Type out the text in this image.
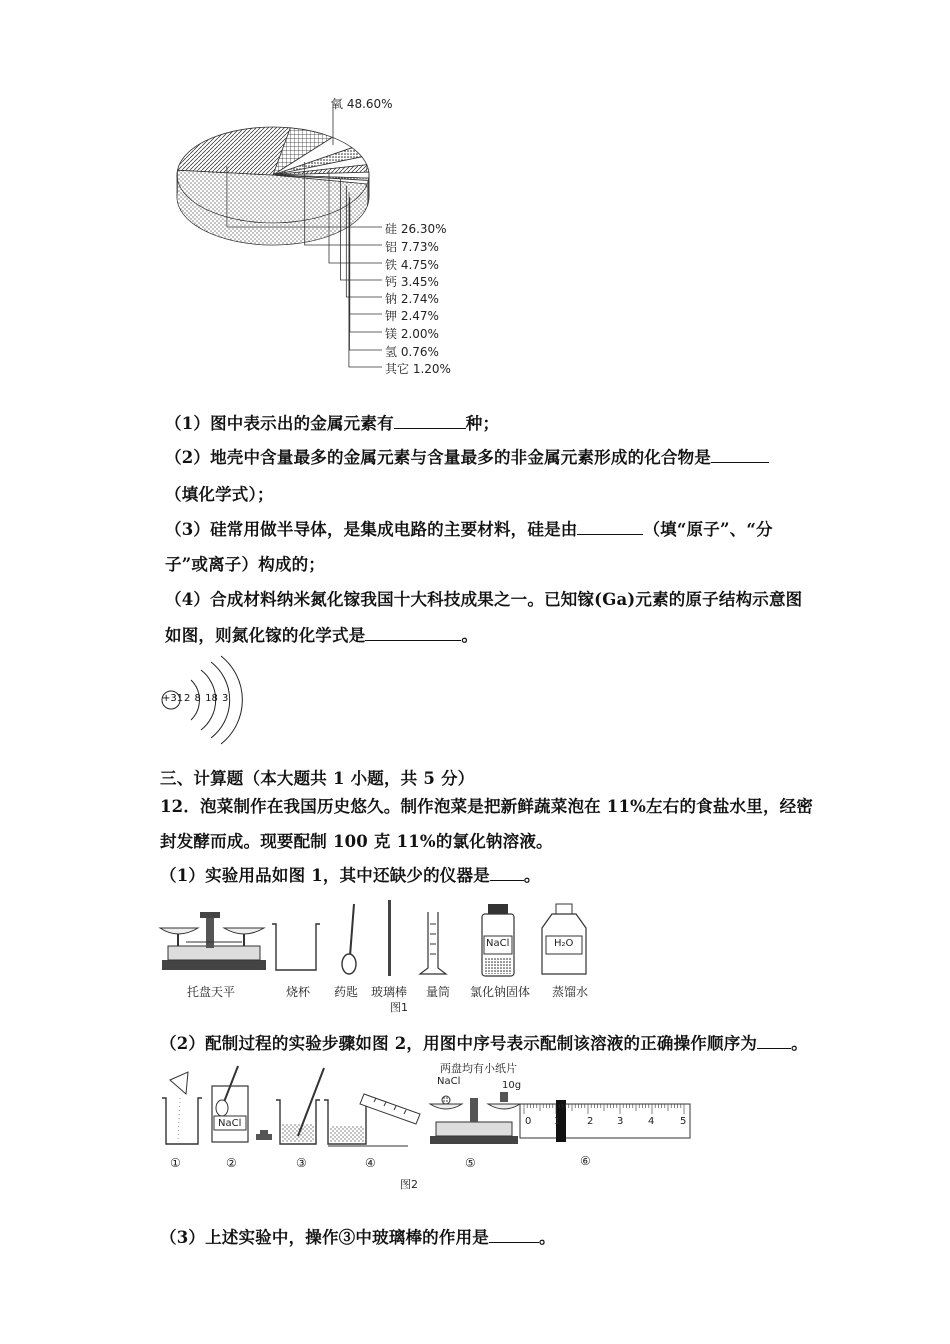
氧 48.60%
硅 26.30%
铝 7.73%
铁 4.75%
钙 3.45%
钠 2.74%
钾 2.47%
镁 2.00%
氢 0.76%
其它 1.20%
（1）图中表示出的金属元素有	种；
（2）地壳中含量最多的金属元素与含量最多的非金属元素形成的化合物是
（填化学式）；
（3）硅常用做半导体，是集成电路的主要材料，硅是由	（填“原子”、“分
子”或离子）构成的；
（4）合成材料纳米氮化镓我国十大科技成果之一。已知镓(Ga)元素的原子结构示意图
如图，则氮化镓的化学式是	。
+31 2 8 18 3
三、计算题（本大题共 1 小题，共 5 分）
12．泡菜制作在我国历史悠久。制作泡菜是把新鲜蔬菜泡在 11%左右的食盐水里，经密
封发酵而成。现要配制 100 克 11%的氯化钠溶液。
（1）实验用品如图 1，其中还缺少的仪器是 。
NaCl	H₂O
托盘天平	烧杯 药匙 玻璃棒 量筒 氯化钠固体 蒸馏水
图1
（2）配制过程的实验步骤如图 2，用图中序号表示配制该溶液的正确操作顺序为 。
NaCl
两盘均有小纸片
NaCl	10g
0 1	2 3 4	5
①	②	③	④	⑤	⑥
图2
（3）上述实验中，操作③中玻璃棒的作用是	。
